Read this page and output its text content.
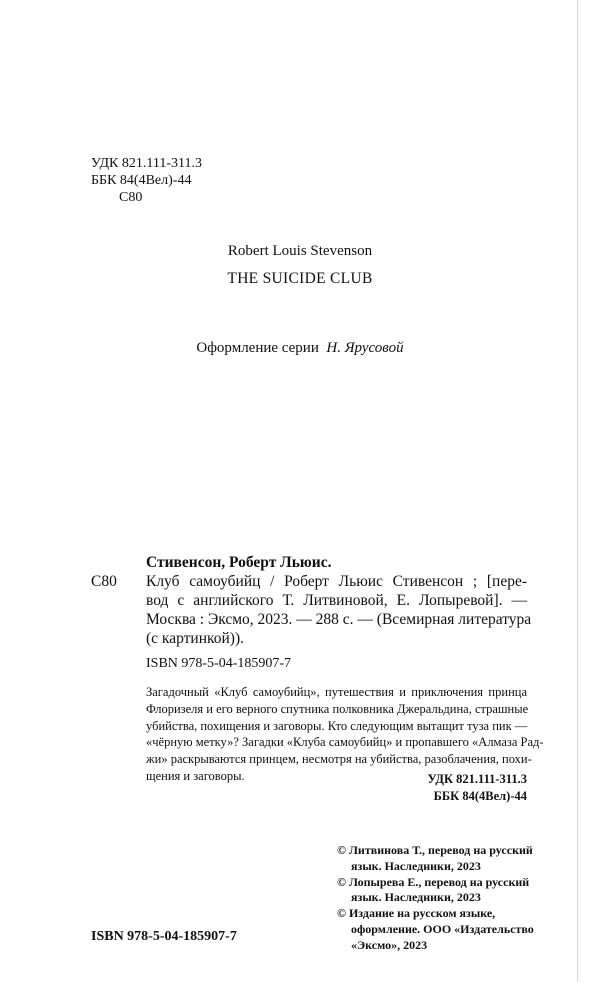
УДК 821.111-311.3
ББК 84(4Вел)-44
С80
Robert Louis Stevenson
THE SUICIDE CLUB
Оформление серии Н. Ярусовой
Стивенсон, Роберт Льюис.
С80	Клуб самоубийц / Роберт Льюис Стивенсон ; [пере-
вод с английского Т. Литвиновой, Е. Лопыревой]. —
Москва : Эксмо, 2023. — 288 с. — (Всемирная литература
(с картинкой)).
ISBN 978-5-04-185907-7
Загадочный «Клуб самоубийц», путешествия и приключения принца
Флоризеля и его верного спутника полковника Джеральдина, страшные
убийства, похищения и заговоры. Кто следующим вытащит туза пик —
«чёрную метку»? Загадки «Клуба самоубийц» и пропавшего «Алмаза Рад-
жи» раскрываются принцем, несмотря на убийства, разоблачения, похи-
щения и заговоры.	УДК 821.111-311.3
ББК 84(4Вел)-44
© Литвинова Т., перевод на русский
язык. Наследники, 2023
© Лопырева Е., перевод на русский
язык. Наследники, 2023
© Издание на русском языке,
оформление. ООО «Издательство
«Эксмо», 2023
ISBN 978-5-04-185907-7
